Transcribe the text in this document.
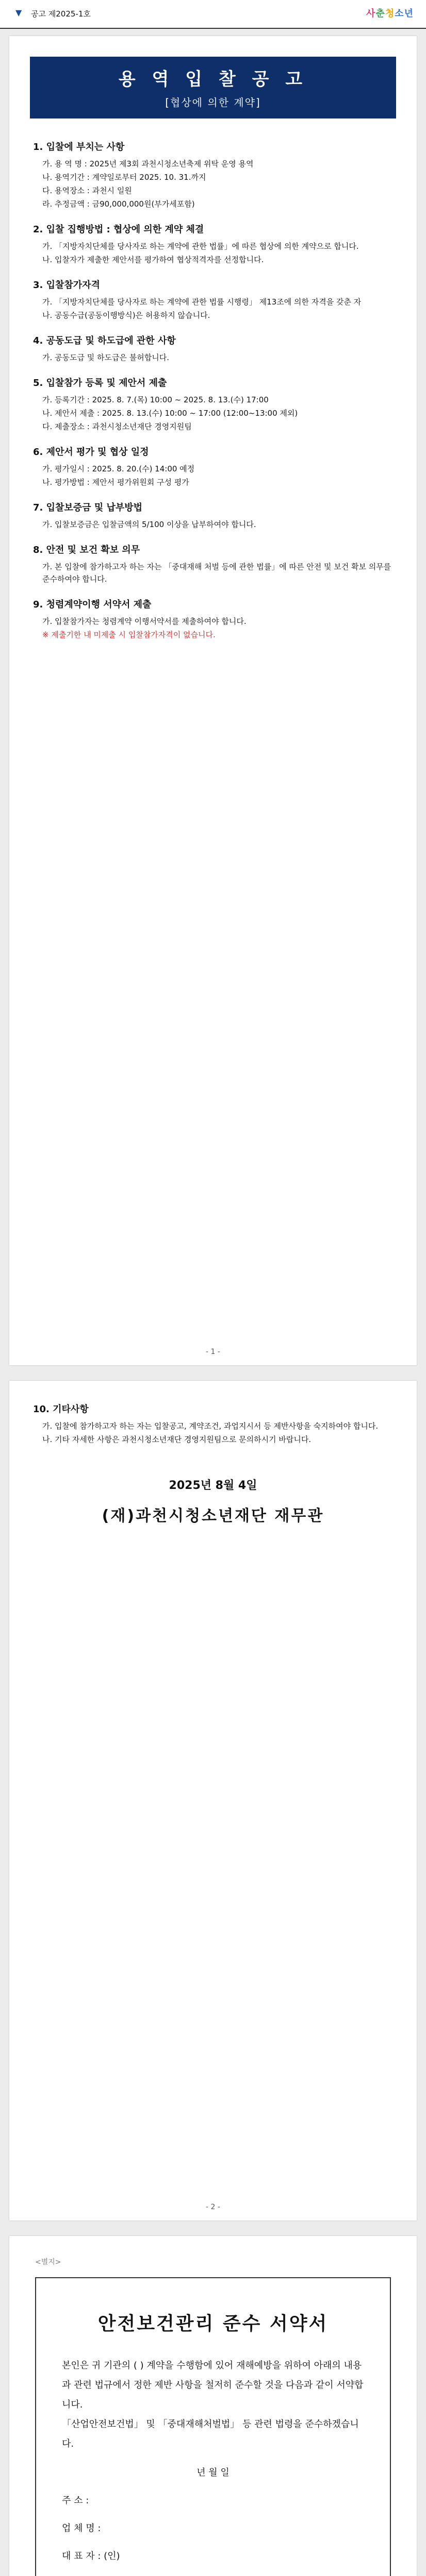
▼ 공고 제2025-1호	사춘청소년
용 역 입 찰 공 고
[협상에 의한 계약]
1. 입찰에 부치는 사항
가. 용 역 명 : 2025년 제3회 과천시청소년축제 위탁 운영 용역
나. 용역기간 : 계약일로부터 2025. 10. 31.까지
다. 용역장소 : 과천시 일원
라. 추정금액 : 금90,000,000원(부가세포함)
2. 입찰 집행방법 : 협상에 의한 계약 체결
가. 「지방자치단체를 당사자로 하는 계약에 관한 법률」에 따른 협상에 의한 계약으로 합니다.
나. 입찰자가 제출한 제안서를 평가하여 협상적격자를 선정합니다.
3. 입찰참가자격
가. 「지방자치단체를 당사자로 하는 계약에 관한 법률 시행령」 제13조에 의한 자격을 갖춘 자
나. 공동수급(공동이행방식)은 허용하지 않습니다.
4. 공동도급 및 하도급에 관한 사항
가. 공동도급 및 하도급은 불허합니다.
5. 입찰참가 등록 및 제안서 제출
가. 등록기간 : 2025. 8. 7.(목) 10:00 ~ 2025. 8. 13.(수) 17:00
나. 제안서 제출 : 2025. 8. 13.(수) 10:00 ~ 17:00 (12:00~13:00 제외)
다. 제출장소 : 과천시청소년재단 경영지원팀
6. 제안서 평가 및 협상 일정
가. 평가일시 : 2025. 8. 20.(수) 14:00 예정
나. 평가방법 : 제안서 평가위원회 구성 평가
7. 입찰보증금 및 납부방법
가. 입찰보증금은 입찰금액의 5/100 이상을 납부하여야 합니다.
8. 안전 및 보건 확보 의무
가. 본 입찰에 참가하고자 하는 자는 「중대재해 처벌 등에 관한 법률」에 따른 안전 및 보건 확보 의무를 준수하여야 합니다.
9. 청렴계약이행 서약서 제출
가. 입찰참가자는 청렴계약 이행서약서를 제출하여야 합니다.
※ 제출기한 내 미제출 시 입찰참가자격이 없습니다.
- 1 -
10. 기타사항
가. 입찰에 참가하고자 하는 자는 입찰공고, 계약조건, 과업지시서 등 제반사항을 숙지하여야 합니다.
나. 기타 자세한 사항은 과천시청소년재단 경영지원팀으로 문의하시기 바랍니다.
2025년 8월 4일
(재)과천시청소년재단 재무관
- 2 -
<별지>
안전보건관리 준수 서약서
본인은 귀 기관의 ( ) 계약을 수행함에 있어 재해예방을 위하여 아래의 내용과 관련 법규에서 정한 제반 사항을 철저히 준수할 것을 다음과 같이 서약합니다.
「산업안전보건법」 및 「중대재해처벌법」 등 관련 법령을 준수하겠습니다.
년 월 일
주 소 :
업 체 명 :
대 표 자 : (인)
